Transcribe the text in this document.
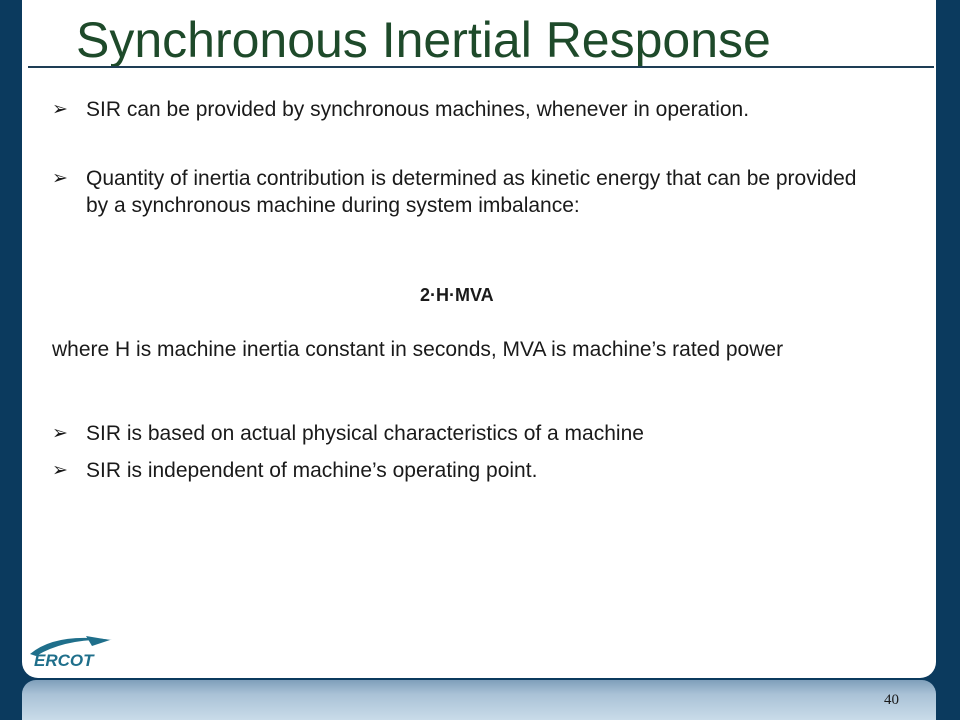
Synchronous Inertial Response
➢ SIR can be provided by synchronous machines, whenever in operation.
➢ Quantity of inertia contribution is determined as kinetic energy that can be provided by a synchronous machine during system imbalance:
2·H·MVA

where H is machine inertia constant in seconds, MVA is machine’s rated power

➢ SIR is based on actual physical characteristics of a machine
➢ SIR is independent of machine’s operating point.
ERCOT
40
